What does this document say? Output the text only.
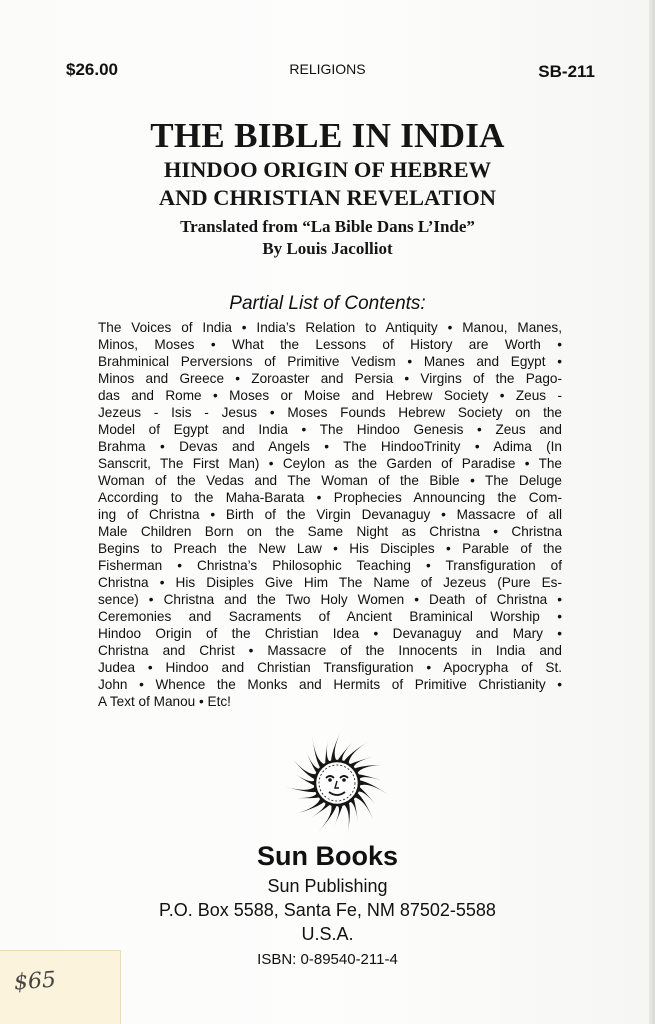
$26.00	RELIGIONS	SB-211
THE BIBLE IN INDIA
HINDOO ORIGIN OF HEBREW
AND CHRISTIAN REVELATION
Translated from “La Bible Dans L’Inde”
By Louis Jacolliot
Partial List of Contents:
The Voices of India • India’s Relation to Antiquity • Manou, Manes,
Minos, Moses • What the Lessons of History are Worth •
Brahminical Perversions of Primitive Vedism • Manes and Egypt •
Minos and Greece • Zoroaster and Persia • Virgins of the Pago-
das and Rome • Moses or Moise and Hebrew Society • Zeus -
Jezeus - Isis - Jesus • Moses Founds Hebrew Society on the
Model of Egypt and India • The Hindoo Genesis • Zeus and
Brahma • Devas and Angels • The HindooTrinity • Adima (In
Sanscrit, The First Man) • Ceylon as the Garden of Paradise • The
Woman of the Vedas and The Woman of the Bible • The Deluge
According to the Maha-Barata • Prophecies Announcing the Com-
ing of Christna • Birth of the Virgin Devanaguy • Massacre of all
Male Children Born on the Same Night as Christna • Christna
Begins to Preach the New Law • His Disciples • Parable of the
Fisherman • Christna’s Philosophic Teaching • Transfiguration of
Christna • His Disiples Give Him The Name of Jezeus (Pure Es-
sence) • Christna and the Two Holy Women • Death of Christna •
Ceremonies and Sacraments of Ancient Braminical Worship •
Hindoo Origin of the Christian Idea • Devanaguy and Mary •
Christna and Christ • Massacre of the Innocents in India and
Judea • Hindoo and Christian Transfiguration • Apocrypha of St.
John • Whence the Monks and Hermits of Primitive Christianity •
A Text of Manou • Etc!
Sun Books
Sun Publishing
P.O. Box 5588, Santa Fe, NM 87502-5588
U.S.A.
ISBN: 0-89540-211-4
$65
